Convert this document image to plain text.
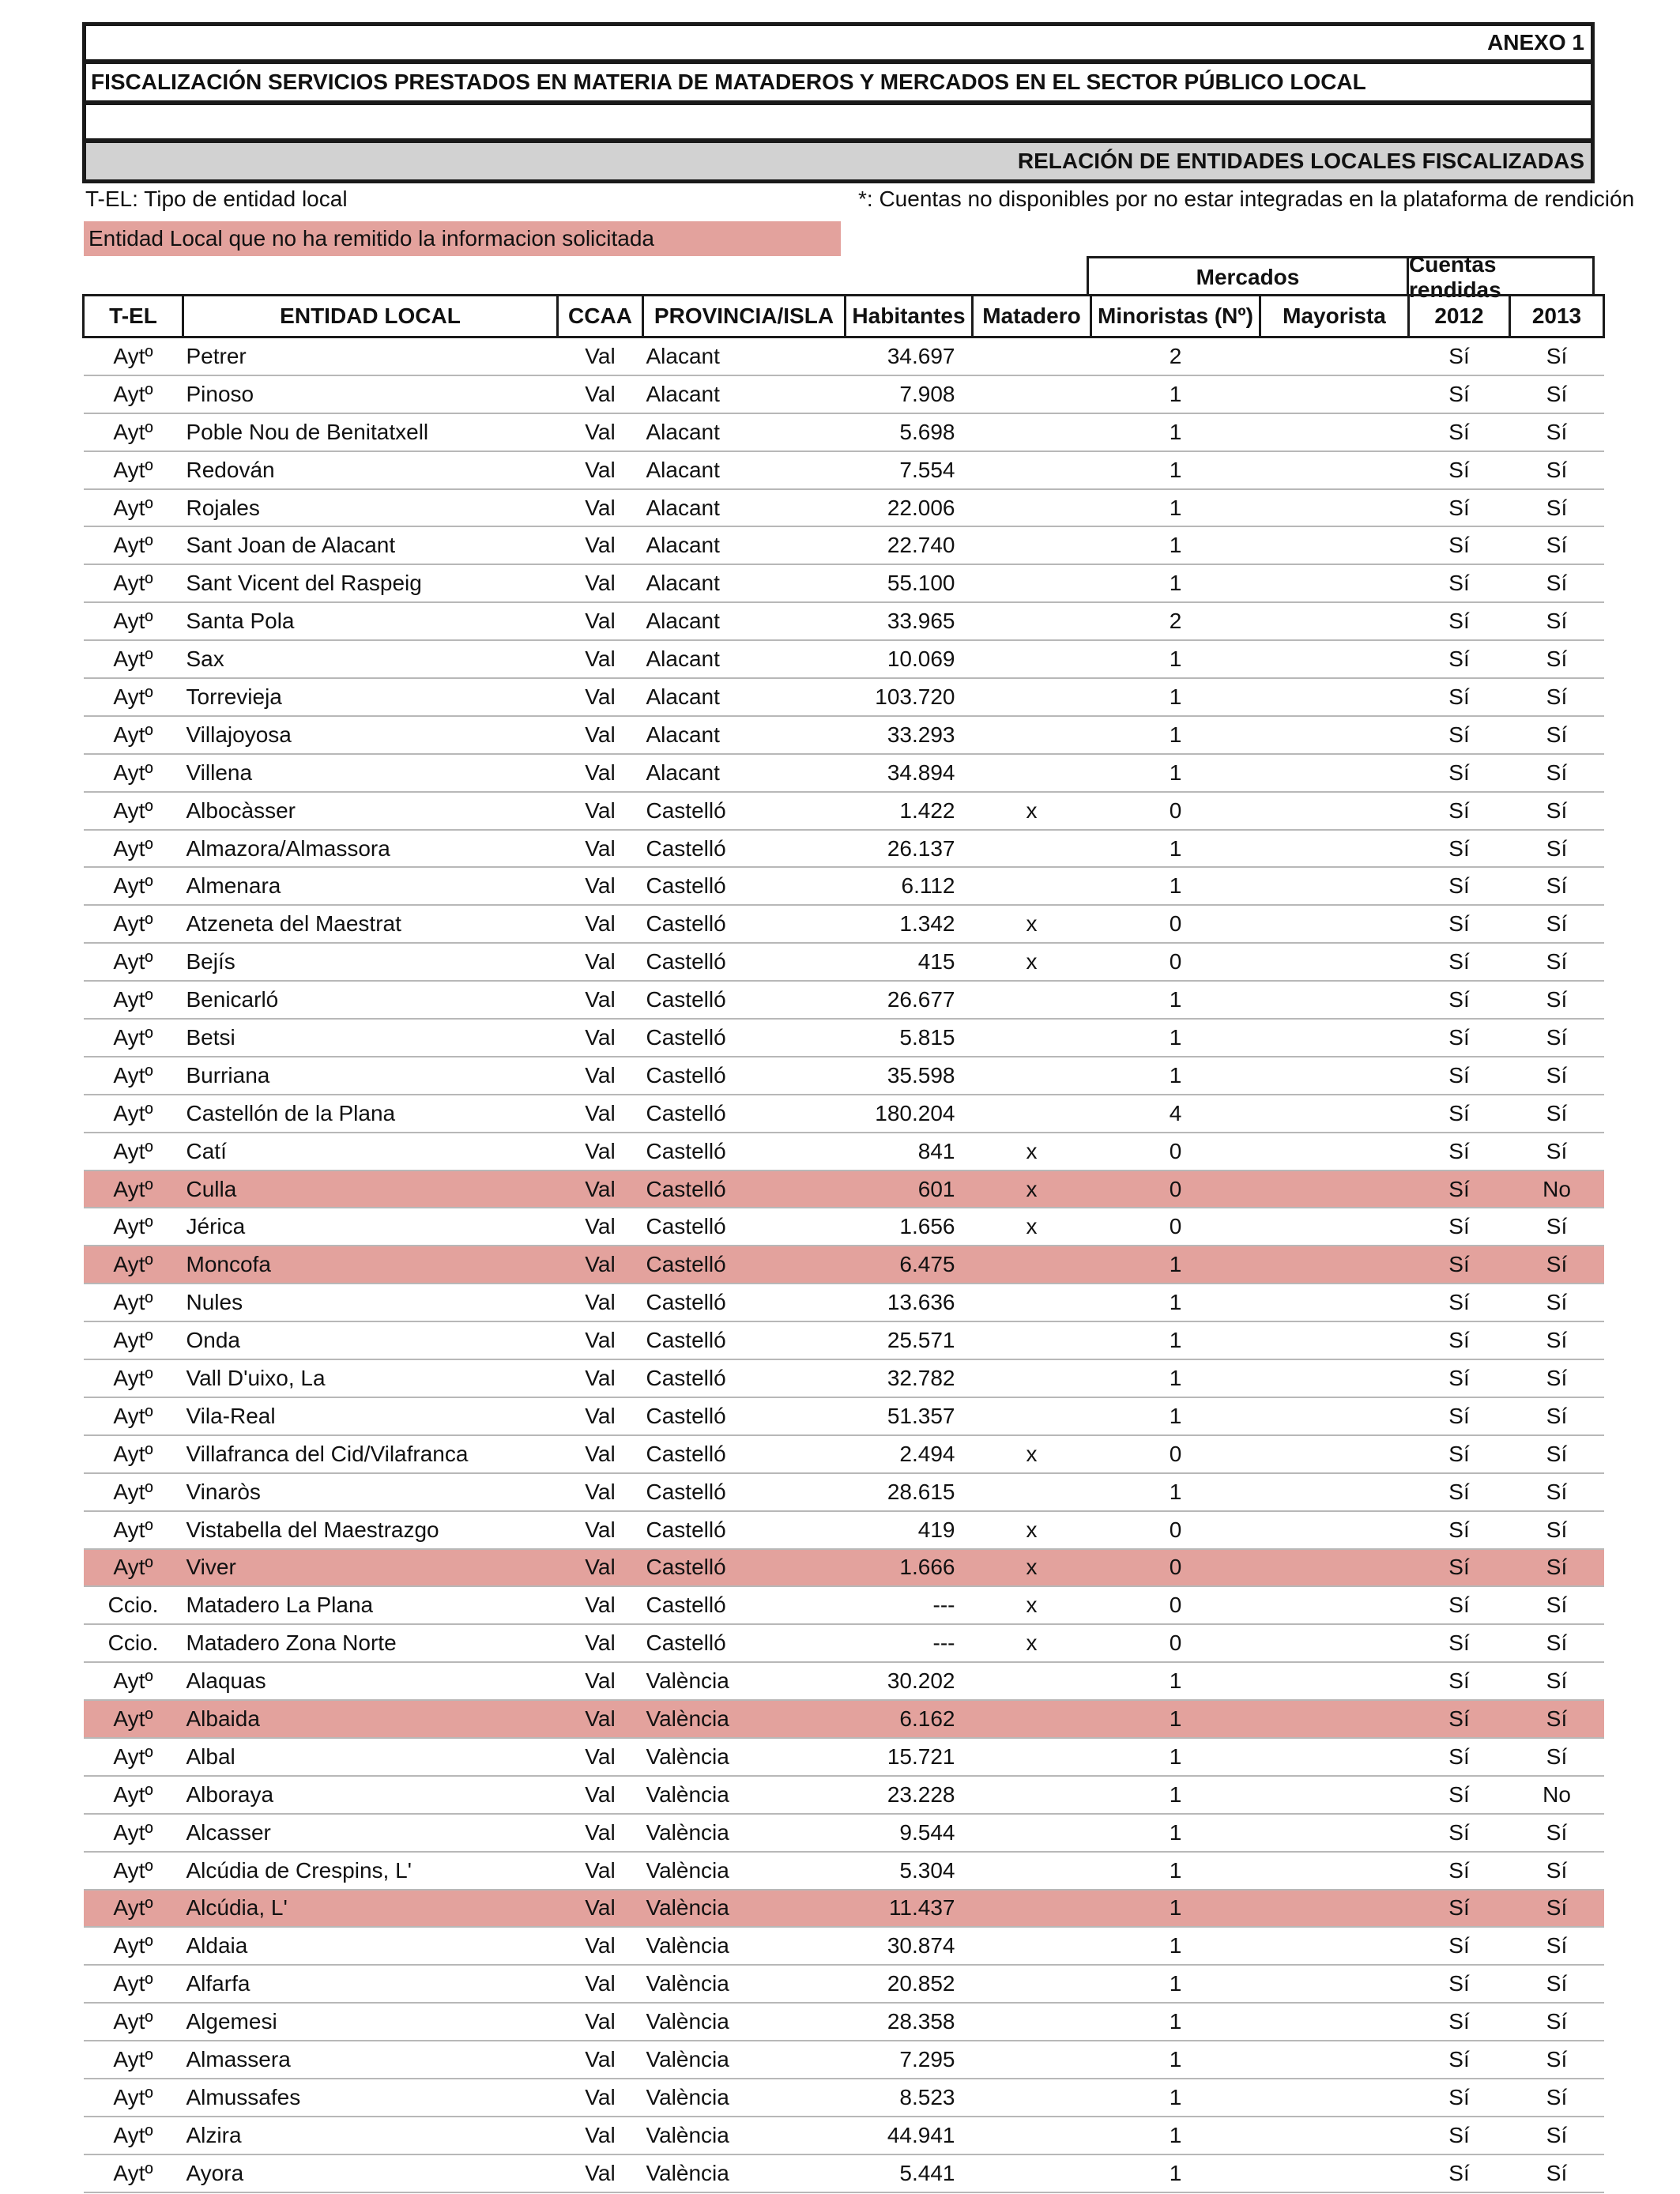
ANEXO 1
FISCALIZACIÓN SERVICIOS PRESTADOS EN MATERIA DE MATADEROS Y MERCADOS EN EL SECTOR PÚBLICO LOCAL
RELACIÓN DE ENTIDADES LOCALES FISCALIZADAS
T-EL: Tipo de entidad local	*: Cuentas no disponibles por no estar integradas en la plataforma de rendición
Entidad Local que no ha remitido la informacion solicitada
Mercados
Cuentas rendidas
T-EL	ENTIDAD LOCAL	CCAA	PROVINCIA/ISLA	Habitantes	Matadero	Minoristas (Nº)	Mayorista	2012	2013
Aytº	Petrer	Val	Alacant	34.697		2		Sí	Sí
Aytº	Pinoso	Val	Alacant	7.908		1		Sí	Sí
Aytº	Poble Nou de Benitatxell	Val	Alacant	5.698		1		Sí	Sí
Aytº	Redován	Val	Alacant	7.554		1		Sí	Sí
Aytº	Rojales	Val	Alacant	22.006		1		Sí	Sí
Aytº	Sant Joan de Alacant	Val	Alacant	22.740		1		Sí	Sí
Aytº	Sant Vicent del Raspeig	Val	Alacant	55.100		1		Sí	Sí
Aytº	Santa Pola	Val	Alacant	33.965		2		Sí	Sí
Aytº	Sax	Val	Alacant	10.069		1		Sí	Sí
Aytº	Torrevieja	Val	Alacant	103.720		1		Sí	Sí
Aytº	Villajoyosa	Val	Alacant	33.293		1		Sí	Sí
Aytº	Villena	Val	Alacant	34.894		1		Sí	Sí
Aytº	Albocàsser	Val	Castelló	1.422	x	0		Sí	Sí
Aytº	Almazora/Almassora	Val	Castelló	26.137		1		Sí	Sí
Aytº	Almenara	Val	Castelló	6.112		1		Sí	Sí
Aytº	Atzeneta del Maestrat	Val	Castelló	1.342	x	0		Sí	Sí
Aytº	Bejís	Val	Castelló	415	x	0		Sí	Sí
Aytº	Benicarló	Val	Castelló	26.677		1		Sí	Sí
Aytº	Betsi	Val	Castelló	5.815		1		Sí	Sí
Aytº	Burriana	Val	Castelló	35.598		1		Sí	Sí
Aytº	Castellón de la Plana	Val	Castelló	180.204		4		Sí	Sí
Aytº	Catí	Val	Castelló	841	x	0		Sí	Sí
Aytº	Culla	Val	Castelló	601	x	0		Sí	No
Aytº	Jérica	Val	Castelló	1.656	x	0		Sí	Sí
Aytº	Moncofa	Val	Castelló	6.475		1		Sí	Sí
Aytº	Nules	Val	Castelló	13.636		1		Sí	Sí
Aytº	Onda	Val	Castelló	25.571		1		Sí	Sí
Aytº	Vall D'uixo, La	Val	Castelló	32.782		1		Sí	Sí
Aytº	Vila-Real	Val	Castelló	51.357		1		Sí	Sí
Aytº	Villafranca del Cid/Vilafranca	Val	Castelló	2.494	x	0		Sí	Sí
Aytº	Vinaròs	Val	Castelló	28.615		1		Sí	Sí
Aytº	Vistabella del Maestrazgo	Val	Castelló	419	x	0		Sí	Sí
Aytº	Viver	Val	Castelló	1.666	x	0		Sí	Sí
Ccio.	Matadero La Plana	Val	Castelló	---	x	0		Sí	Sí
Ccio.	Matadero Zona Norte	Val	Castelló	---	x	0		Sí	Sí
Aytº	Alaquas	Val	València	30.202		1		Sí	Sí
Aytº	Albaida	Val	València	6.162		1		Sí	Sí
Aytº	Albal	Val	València	15.721		1		Sí	Sí
Aytº	Alboraya	Val	València	23.228		1		Sí	No
Aytº	Alcasser	Val	València	9.544		1		Sí	Sí
Aytº	Alcúdia de Crespins, L'	Val	València	5.304		1		Sí	Sí
Aytº	Alcúdia, L'	Val	València	11.437		1		Sí	Sí
Aytº	Aldaia	Val	València	30.874		1		Sí	Sí
Aytº	Alfarfa	Val	València	20.852		1		Sí	Sí
Aytº	Algemesi	Val	València	28.358		1		Sí	Sí
Aytº	Almassera	Val	València	7.295		1		Sí	Sí
Aytº	Almussafes	Val	València	8.523		1		Sí	Sí
Aytº	Alzira	Val	València	44.941		1		Sí	Sí
Aytº	Ayora	Val	València	5.441		1		Sí	Sí
